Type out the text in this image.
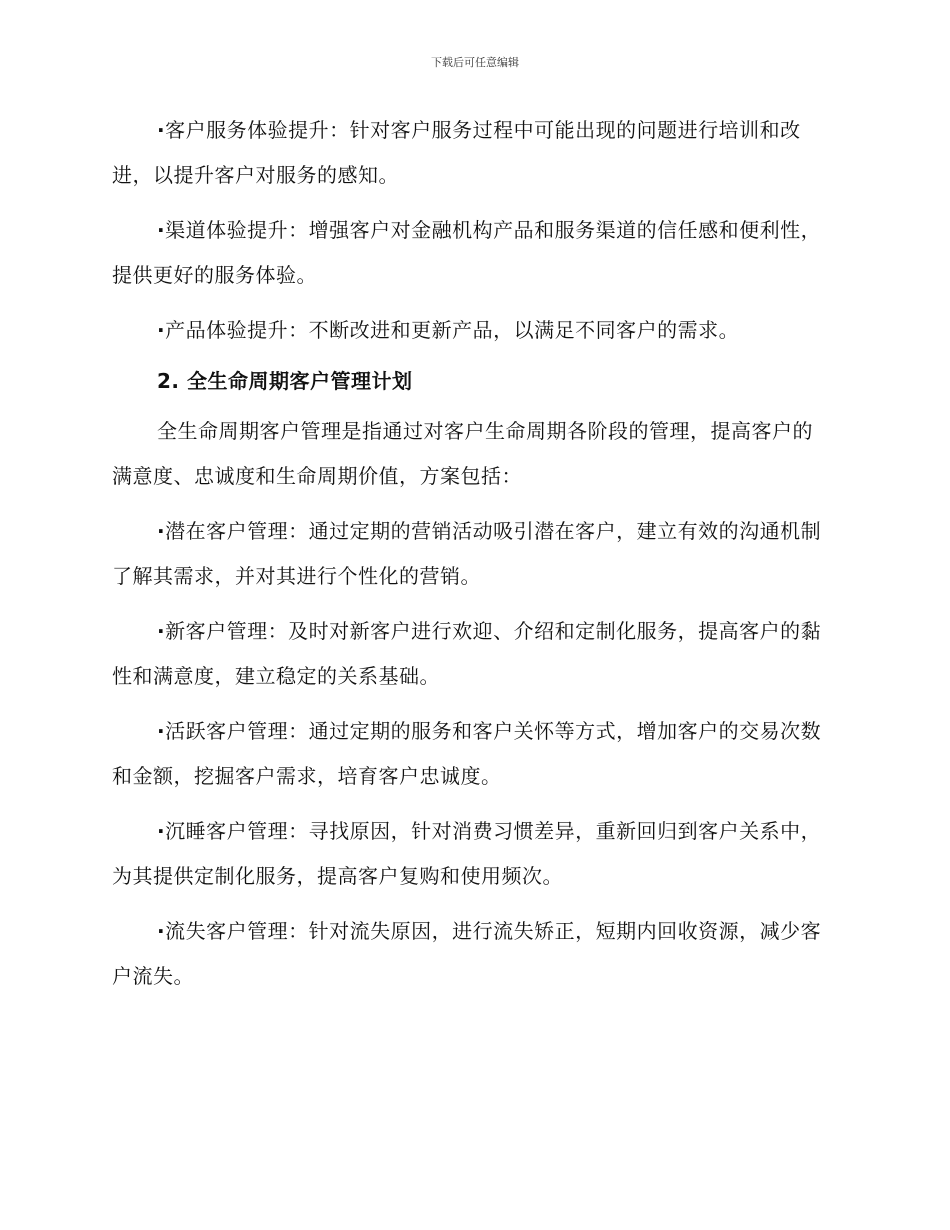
下载后可任意编辑

·客户服务体验提升：针对客户服务过程中可能出现的问题进行培训和改进，以提升客户对服务的感知。

·渠道体验提升：增强客户对金融机构产品和服务渠道的信任感和便利性，提供更好的服务体验。

·产品体验提升：不断改进和更新产品，以满足不同客户的需求。

2. 全生命周期客户管理计划

全生命周期客户管理是指通过对客户生命周期各阶段的管理，提高客户的满意度、忠诚度和生命周期价值，方案包括：

·潜在客户管理：通过定期的营销活动吸引潜在客户，建立有效的沟通机制了解其需求，并对其进行个性化的营销。

·新客户管理：及时对新客户进行欢迎、介绍和定制化服务，提高客户的黏性和满意度，建立稳定的关系基础。

·活跃客户管理：通过定期的服务和客户关怀等方式，增加客户的交易次数和金额，挖掘客户需求，培育客户忠诚度。

·沉睡客户管理：寻找原因，针对消费习惯差异，重新回归到客户关系中，为其提供定制化服务，提高客户复购和使用频次。

·流失客户管理：针对流失原因，进行流失矫正，短期内回收资源，减少客户流失。
